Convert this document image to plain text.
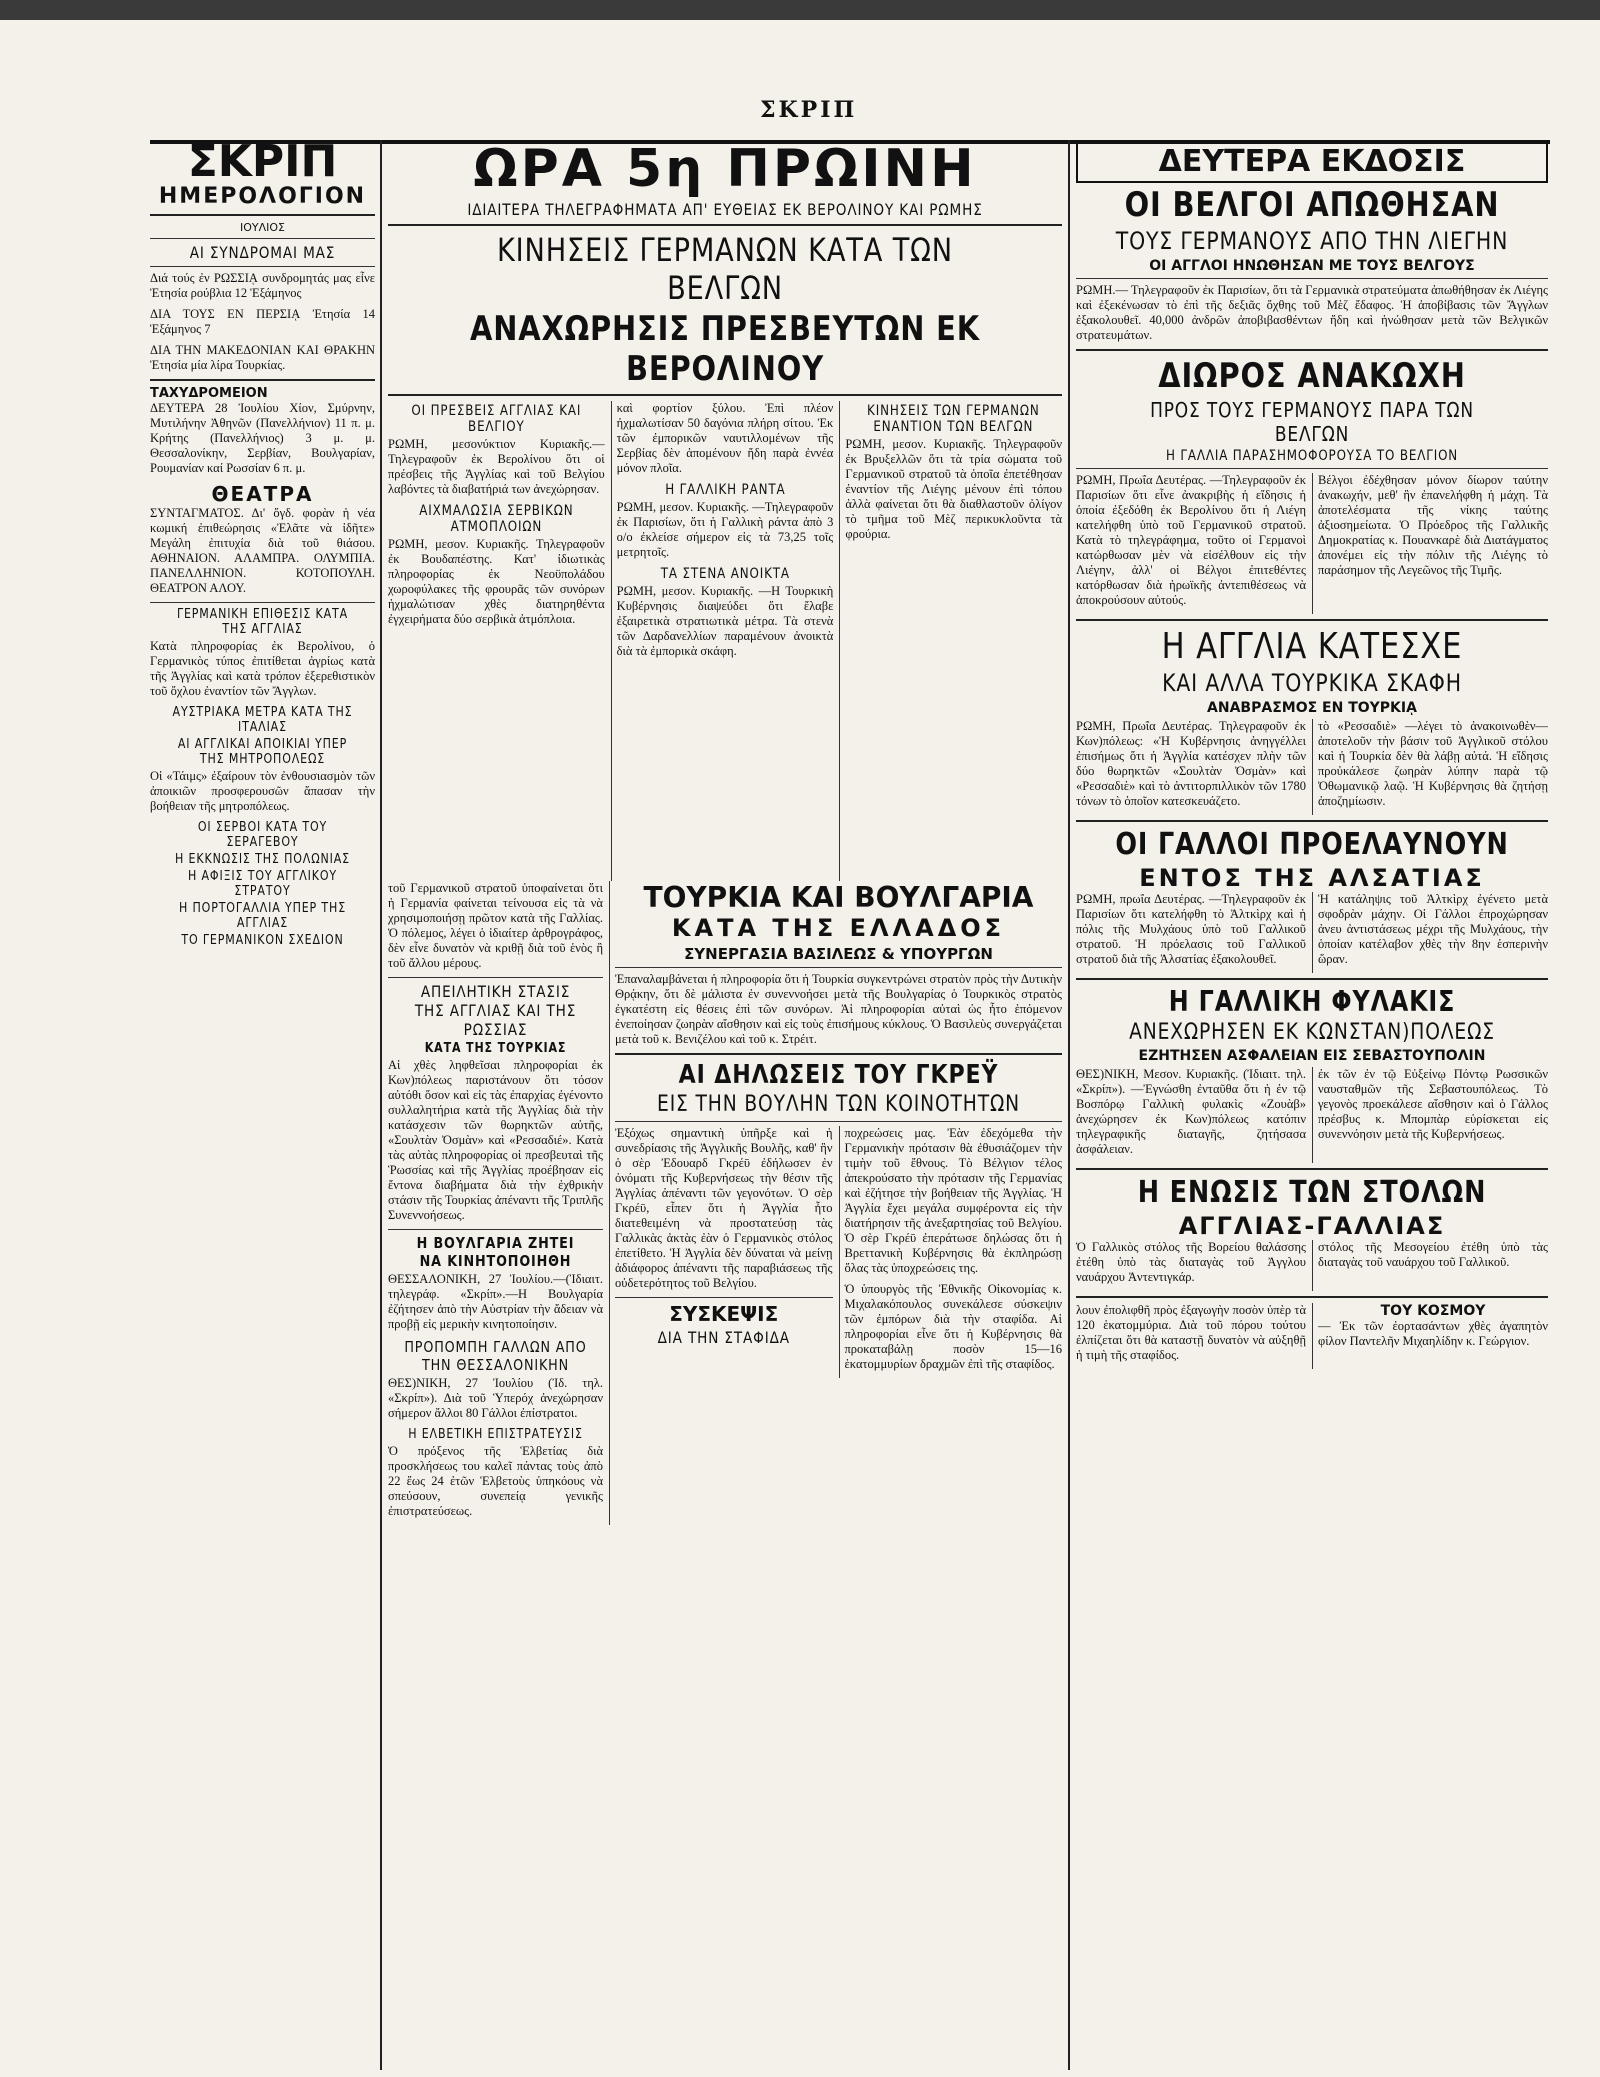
ΣΚΡΙΠ
ΣΚΡΙΠ
ΗΜΕΡΟΛΟΓΙΟΝ
ΙΟΥΛΙΟΣ
ΑΙ ΣΥΝΔΡΟΜΑΙ ΜΑΣ

Διά τούς ἐν ΡΩΣΣΙᾼ συνδρομητάς μας εἶνε Ἐτησία ρούβλια 12 Ἑξάμηνος

ΔΙΑ ΤΟΥΣ ΕΝ ΠΕΡΣΙᾼ Ἐτησία 14 Ἑξάμηνος 7

ΔΙΑ ΤΗΝ ΜΑΚΕΔΟΝΙΑΝ ΚΑΙ ΘΡΑΚΗΝ Ἐτησία μία λίρα Τουρκίας.

ΤΑΧΥΔΡΟΜΕΙΟΝ

ΔΕΥΤΕΡΑ 28 Ἰουλίου Χίον, Σμύρνην, Μυτιλήνην Ἀθηνῶν (Πανελλήνιον) 11 π. μ. Κρήτης (Πανελλήνιος) 3 μ. μ. Θεσσαλονίκην, Σερβίαν, Βουλγαρίαν, Ρουμανίαν καί Ρωσσίαν 6 π. μ.

ΘΕΑΤΡΑ

ΣΥΝΤΑΓΜΑΤΟΣ. Δι' ὄγδ. φορὰν ἡ νέα κωμική ἐπιθεώρησις «Ἐλᾶτε νὰ ἰδῆτε» Μεγάλη ἐπιτυχία διὰ τοῦ θιάσου. ΑΘΗΝΑΙΟΝ. ΑΛΑΜΠΡΑ. ΟΛΥΜΠΙΑ. ΠΑΝΕΛΛΗΝΙΟΝ. ΚΟΤΟΠΟΥΛΗ. ΘΕΑΤΡΟΝ ΑΛΟΥ.

ΓΕΡΜΑΝΙΚΗ ΕΠΙΘΕΣΙΣ ΚΑΤΑ ΤΗΣ ΑΓΓΛΙΑΣ

Κατὰ πληροφορίας ἐκ Βερολίνου, ὁ Γερμανικὸς τύπος ἐπιτίθεται ἀγρίως κατὰ τῆς Ἀγγλίας καὶ κατὰ τρόπον ἐξερεθιστικὸν τοῦ ὄχλου ἐναντίον τῶν Ἄγγλων.

ΑΥΣΤΡΙΑΚΑ ΜΕΤΡΑ ΚΑΤΑ ΤΗΣ ΙΤΑΛΙΑΣ
ΑΙ ΑΓΓΛΙΚΑΙ ΑΠΟΙΚΙΑΙ ΥΠΕΡ ΤΗΣ ΜΗΤΡΟΠΟΛΕΩΣ

Οἱ «Τάιμς» ἐξαίρουν τὸν ἐνθουσιασμὸν τῶν ἀποικιῶν προσφερουσῶν ἅπασαν τὴν βοήθειαν τῆς μητροπόλεως.

ΟΙ ΣΕΡΒΟΙ ΚΑΤΑ ΤΟΥ ΣΕΡΑΓΕΒΟΥ
Η ΕΚΚΝΩΣΙΣ ΤΗΣ ΠΟΛΩΝΙΑΣ
Η ΑΦΙΞΙΣ ΤΟΥ ΑΓΓΛΙΚΟΥ ΣΤΡΑΤΟΥ
Η ΠΟΡΤΟΓΑΛΛΙΑ ΥΠΕΡ ΤΗΣ ΑΓΓΛΙΑΣ
ΤΟ ΓΕΡΜΑΝΙΚΟΝ ΣΧΕΔΙΟΝ
ΩΡΑ 5η ΠΡΩΙΝΗ
ΙΔΙΑΙΤΕΡΑ ΤΗΛΕΓΡΑΦΗΜΑΤΑ ΑΠ' ΕΥΘΕΙΑΣ ΕΚ ΒΕΡΟΛΙΝΟΥ ΚΑΙ ΡΩΜΗΣ
ΚΙΝΗΣΕΙΣ ΓΕΡΜΑΝΩΝ ΚΑΤΑ ΤΩΝ ΒΕΛΓΩΝ
ΑΝΑΧΩΡΗΣΙΣ ΠΡΕΣΒΕΥΤΩΝ ΕΚ ΒΕΡΟΛΙΝΟΥ
ΟΙ ΠΡΕΣΒΕΙΣ ΑΓΓΛΙΑΣ ΚΑΙ ΒΕΛΓΙΟΥ

ΡΩΜΗ, μεσονύκτιον Κυριακῆς.— Τηλεγραφοῦν ἐκ Βερολίνου ὅτι οἱ πρέσβεις τῆς Ἀγγλίας καὶ τοῦ Βελγίου λαβόντες τὰ διαβατήριά των ἀνεχώρησαν.

ΑΙΧΜΑΛΩΣΙΑ ΣΕΡΒΙΚΩΝ ΑΤΜΟΠΛΟΙΩΝ

ΡΩΜΗ, μεσον. Κυριακῆς. Τηλεγραφοῦν ἐκ Βουδαπέστης. Κατ' ἰδιωτικὰς πληροφορίας ἐκ Νεοϋπολάδου χωροφύλακες τῆς φρουρᾶς τῶν συνόρων ἠχμαλώτισαν χθὲς διατηρηθέντα ἐγχειρήματα δύο σερβικὰ ἀτμόπλοια.

καὶ φορτίον ξύλου. Ἐπὶ πλέον ἠχμαλωτίσαν 50 δαγόνια πλήρη σίτου. Ἐκ τῶν ἐμπορικῶν ναυτιλλομένων τῆς Σερβίας δὲν ἀπομένουν ἤδη παρὰ ἐννέα μόνον πλοῖα.

Η ΓΑΛΛΙΚΗ ΡΑΝΤΑ

ΡΩΜΗ, μεσον. Κυριακῆς. —Τηλεγραφοῦν ἐκ Παρισίων, ὅτι ἡ Γαλλικὴ ράντα ἀπὸ 3 ο/ο ἐκλείσε σήμερον εἰς τὰ 73,25 τοῖς μετρητοῖς.

ΤΑ ΣΤΕΝΑ ΑΝΟΙΚΤΑ

ΡΩΜΗ, μεσον. Κυριακῆς. —Η Τουρκικὴ Κυβέρνησις διαψεύδει ὅτι ἔλαβε ἐξαιρετικὰ στρατιωτικὰ μέτρα. Τὰ στενὰ τῶν Δαρδανελλίων παραμένουν ἀνοικτὰ διὰ τὰ ἐμπορικὰ σκάφη.

ΚΙΝΗΣΕΙΣ ΤΩΝ ΓΕΡΜΑΝΩΝ ΕΝΑΝΤΙΟΝ ΤΩΝ ΒΕΛΓΩΝ

ΡΩΜΗ, μεσον. Κυριακῆς. Τηλεγραφοῦν ἐκ Βρυξελλῶν ὅτι τὰ τρία σώματα τοῦ Γερμανικοῦ στρατοῦ τὰ ὁποῖα ἐπετέθησαν ἐναντίον τῆς Λιέγης μένουν ἐπὶ τόπου ἀλλὰ φαίνεται ὅτι θὰ διαθλαστοῦν ὀλίγον τὸ τμῆμα τοῦ Μὲζ περικυκλοῦντα τὰ φρούρια.

τοῦ Γερμανικοῦ στρατοῦ ὑποφαίνεται ὅτι ἡ Γερμανία φαίνεται τείνουσα εἰς τὰ νὰ χρησιμοποιήσῃ πρῶτον κατὰ τῆς Γαλλίας. Ὁ πόλεμος, λέγει ὁ ἰδιαίτερ ἀρθρογράφος, δὲν εἶνε δυνατὸν νὰ κριθῇ διὰ τοῦ ἑνὸς ἢ τοῦ ἄλλου μέρους.

ΑΠΕΙΛΗΤΙΚΗ ΣΤΑΣΙΣ ΤΗΣ ΑΓΓΛΙΑΣ ΚΑΙ ΤΗΣ ΡΩΣΣΙΑΣ
ΚΑΤΑ ΤΗΣ ΤΟΥΡΚΙΑΣ

Αἱ χθὲς ληφθεῖσαι πληροφορίαι ἐκ Κων)πόλεως παριστάνουν ὅτι τόσον αὐτόθι ὅσον καὶ εἰς τὰς ἐπαρχίας ἐγένοντο συλλαλητήρια κατὰ τῆς Ἀγγλίας διὰ τὴν κατάσχεσιν τῶν θωρηκτῶν αὐτῆς, «Σουλτὰν Ὀσμὰν» καὶ «Ρεσσαδιέ». Κατὰ τὰς αὐτὰς πληροφορίας οἱ πρεσβευταὶ τῆς Ῥωσσίας καὶ τῆς Ἀγγλίας προέβησαν εἰς ἔντονα διαβήματα διὰ τὴν ἐχθρικὴν στάσιν τῆς Τουρκίας ἀπέναντι τῆς Τριπλῆς Συνεννοήσεως.

Η ΒΟΥΛΓΑΡΙΑ ΖΗΤΕΙ ΝΑ ΚΙΝΗΤΟΠΟΙΗΘΗ

ΘΕΣΣΑΛΟΝΙΚΗ, 27 Ἰουλίου.—(Ἰδιαιτ. τηλεγράφ. «Σκρίπ».—Η Βουλγαρία ἐζήτησεν ἀπὸ τὴν Αὐστρίαν τὴν ἄδειαν νὰ προβῇ εἰς μερικὴν κινητοποίησιν.

ΠΡΟΠΟΜΠΗ ΓΑΛΛΩΝ ΑΠΟ ΤΗΝ ΘΕΣΣΑΛΟΝΙΚΗΝ

ΘΕΣ)ΝΙΚΗ, 27 Ἰουλίου (Ἰδ. τηλ. «Σκρίπ»). Διὰ τοῦ Ὑπερόχ ἀνεχώρησαν σήμερον ἄλλοι 80 Γάλλοι ἐπίστρατοι.

Η ΕΛΒΕΤΙΚΗ ΕΠΙΣΤΡΑΤΕΥΣΙΣ

Ὁ πρόξενος τῆς Ἑλβετίας διὰ προσκλήσεως του καλεῖ πάντας τοὺς ἀπὸ 22 ἕως 24 ἐτῶν Ἑλβετοὺς ὑπηκόους νὰ σπεύσουν, συνεπείᾳ γενικῆς ἐπιστρατεύσεως.

ΤΟΥΡΚΙΑ ΚΑΙ ΒΟΥΛΓΑΡΙΑ
ΚΑΤΑ ΤΗΣ ΕΛΛΑΔΟΣ
ΣΥΝΕΡΓΑΣΙΑ ΒΑΣΙΛΕΩΣ & ΥΠΟΥΡΓΩΝ

Ἐπαναλαμβάνεται ἡ πληροφορία ὅτι ἡ Τουρκία συγκεντρώνει στρατὸν πρὸς τὴν Δυτικὴν Θρᾴκην, ὅτι δὲ μάλιστα ἐν συνεννοήσει μετὰ τῆς Βουλγαρίας ὁ Τουρκικὸς στρατὸς ἐγκατέστη εἰς θέσεις ἐπὶ τῶν συνόρων. Ἀἱ πληροφορίαι αὐταὶ ὡς ἦτο ἑπόμενον ἐνεποίησαν ζωηρὰν αἴσθησιν καὶ εἰς τοὺς ἐπισήμους κύκλους. Ὁ Βασιλεὺς συνεργάζεται μετὰ τοῦ κ. Βενιζέλου καὶ τοῦ κ. Στρέιτ.

ΑΙ ΔΗΛΩΣΕΙΣ ΤΟΥ ΓΚΡΕΫ
ΕΙΣ ΤΗΝ ΒΟΥΛΗΝ ΤΩΝ ΚΟΙΝΟΤΗΤΩΝ

Ἐξόχως σημαντικὴ ὑπῆρξε καὶ ἡ συνεδρίασις τῆς Ἀγγλικῆς Βουλῆς, καθ' ἣν ὁ σὲρ Ἐδουαρδ Γκρέῡ ἐδήλωσεν ἐν ὀνόματι τῆς Κυβερνήσεως τὴν θέσιν τῆς Ἀγγλίας ἀπέναντι τῶν γεγονότων. Ὁ σὲρ Γκρέῡ, εἶπεν ὅτι ἡ Ἀγγλία ἦτο διατεθειμένη νὰ προστατεύσῃ τὰς Γαλλικὰς ἀκτὰς ἐὰν ὁ Γερμανικὸς στόλος ἐπετίθετο. Ἡ Ἀγγλία δὲν δύναται νὰ μείνῃ ἀδιάφορος ἀπέναντι τῆς παραβιάσεως τῆς οὐδετερότητος τοῦ Βελγίου.

ΣΥΣΚΕΨΙΣ
ΔΙΑ ΤΗΝ ΣΤΑΦΙΔΑ

ποχρεώσεις μας. Ἐὰν ἐδεχόμεθα τὴν Γερμανικὴν πρότασιν θὰ ἐθυσιάζομεν τὴν τιμὴν τοῦ ἔθνους. Τὸ Βέλγιον τέλος ἀπεκρούσατο τὴν πρότασιν τῆς Γερμανίας καὶ ἐζήτησε τὴν βοήθειαν τῆς Ἀγγλίας. Ἡ Ἀγγλία ἔχει μεγάλα συμφέροντα εἰς τὴν διατήρησιν τῆς ἀνεξαρτησίας τοῦ Βελγίου. Ὁ σὲρ Γκρέῡ ἐπεράτωσε δηλώσας ὅτι ἡ Βρεττανικὴ Κυβέρνησις θὰ ἐκπληρώσῃ ὅλας τὰς ὑποχρεώσεις της.

Ὁ ὑπουργὸς τῆς Ἐθνικῆς Οἰκονομίας κ. Μιχαλακόπουλος συνεκάλεσε σύσκεψιν τῶν ἐμπόρων διὰ τὴν σταφίδα. Αἱ πληροφορίαι εἶνε ὅτι ἡ Κυβέρνησις θὰ προκαταβάλῃ ποσὸν 15—16 ἑκατομμυρίων δραχμῶν ἐπὶ τῆς σταφίδος.

ΔΕΥΤΕΡΑ ΕΚΔΟΣΙΣ
ΟΙ ΒΕΛΓΟΙ ΑΠΩΘΗΣΑΝ
ΤΟΥΣ ΓΕΡΜΑΝΟΥΣ ΑΠΟ ΤΗΝ ΛΙΕΓΗΝ
ΟΙ ΑΓΓΛΟΙ ΗΝΩΘΗΣΑΝ ΜΕ ΤΟΥΣ ΒΕΛΓΟΥΣ

ΡΩΜΗ.— Τηλεγραφοῦν ἐκ Παρισίων, ὅτι τὰ Γερμανικὰ στρατεύματα ἀπωθήθησαν ἐκ Λιέγης καὶ ἐξεκένωσαν τὸ ἐπὶ τῆς δεξιᾶς ὄχθης τοῦ Μὲζ ἔδαφος. Ἡ ἀποβίβασις τῶν Ἄγγλων ἐξακολουθεῖ. 40,000 ἀνδρῶν ἀποβιβασθέντων ἤδη καὶ ἡνώθησαν μετὰ τῶν Βελγικῶν στρατευμάτων.

ΔΙΩΡΟΣ ΑΝΑΚΩΧΗ
ΠΡΟΣ ΤΟΥΣ ΓΕΡΜΑΝΟΥΣ ΠΑΡΑ ΤΩΝ ΒΕΛΓΩΝ
Η ΓΑΛΛΙΑ ΠΑΡΑΣΗΜΟΦΟΡΟΥΣΑ ΤΟ ΒΕΛΓΙΟΝ

ΡΩΜΗ, Πρωΐα Δευτέρας. —Τηλεγραφοῦν ἐκ Παρισίων ὅτι εἶνε ἀνακριβὴς ἡ εἴδησις ἡ ὁποία ἐξεδόθη ἐκ Βερολίνου ὅτι ἡ Λιέγη κατελήφθη ὑπὸ τοῦ Γερμανικοῦ στρατοῦ. Κατὰ τὸ τηλεγράφημα, τοῦτο οἱ Γερμανοὶ κατώρθωσαν μὲν νὰ εἰσέλθουν εἰς τὴν Λιέγην, ἀλλ' οἱ Βέλγοι ἐπιτεθέντες κατόρθωσαν διὰ ἡρωϊκῆς ἀντεπιθέσεως νὰ ἀποκρούσουν αὐτούς.

Βέλγοι ἐδέχθησαν μόνον δίωρον ταύτην ἀνακωχήν, μεθ' ἣν ἐπανελήφθη ἡ μάχη. Τὰ ἀποτελέσματα τῆς νίκης ταύτης ἀξιοσημείωτα. Ὁ Πρόεδρος τῆς Γαλλικῆς Δημοκρατίας κ. Πουανκαρὲ διὰ Διατάγματος ἀπονέμει εἰς τὴν πόλιν τῆς Λιέγης τὸ παράσημον τῆς Λεγεῶνος τῆς Τιμῆς.

Η ΑΓΓΛΙΑ ΚΑΤΕΣΧΕ
ΚΑΙ ΑΛΛΑ ΤΟΥΡΚΙΚΑ ΣΚΑΦΗ
ΑΝΑΒΡΑΣΜΟΣ ΕΝ ΤΟΥΡΚΙᾼ

ΡΩΜΗ, Πρωΐα Δευτέρας. Τηλεγραφοῦν ἐκ Κων)πόλεως: «Ἡ Κυβέρνησις ἀνηγγέλλει ἐπισήμως ὅτι ἡ Ἀγγλία κατέσχεν πλὴν τῶν δύο θωρηκτῶν «Σουλτὰν Ὀσμὰν» καὶ «Ρεσσαδιὲ» καὶ τὸ ἀντιτορπιλλικὸν τῶν 1780 τόνων τὸ ὁποῖον κατεσκευάζετο.

τὸ «Ρεσσαδιὲ» —λέγει τὸ ἀνακοινωθὲν— ἀποτελοῦν τὴν βάσιν τοῦ Ἀγγλικοῦ στόλου καὶ ἡ Τουρκία δὲν θὰ λάβῃ αὐτά. Ἡ εἴδησις προὐκάλεσε ζωηρὰν λύπην παρὰ τῷ Ὀθωμανικῷ λαῷ. Ἡ Κυβέρνησις θὰ ζητήσῃ ἀποζημίωσιν.

ΟΙ ΓΑΛΛΟΙ ΠΡΟΕΛΑΥΝΟΥΝ
ΕΝΤΟΣ ΤΗΣ ΑΛΣΑΤΙΑΣ

ΡΩΜΗ, πρωΐα Δευτέρας. —Τηλεγραφοῦν ἐκ Παρισίων ὅτι κατελήφθη τὸ Ἀλτκὶρχ καὶ ἡ πόλις τῆς Μυλχάους ὑπὸ τοῦ Γαλλικοῦ στρατοῦ. Ἡ πρόελασις τοῦ Γαλλικοῦ στρατοῦ διὰ τῆς Ἀλσατίας ἐξακολουθεῖ.

Ἡ κατάληψις τοῦ Ἀλτκὶρχ ἐγένετο μετὰ σφοδρὰν μάχην. Οἱ Γάλλοι ἐπροχώρησαν ἀνευ ἀντιστάσεως μέχρι τῆς Μυλχάους, τὴν ὁποίαν κατέλαβον χθὲς τὴν 8ην ἑσπερινὴν ὥραν.

Η ΓΑΛΛΙΚΗ ΦΥΛΑΚΙΣ
ΑΝΕΧΩΡΗΣΕΝ ΕΚ ΚΩΝΣΤΑΝ)ΠΟΛΕΩΣ
ΕΖΗΤΗΣΕΝ ΑΣΦΑΛΕΙΑΝ ΕΙΣ ΣΕΒΑΣΤΟΥΠΟΛΙΝ

ΘΕΣ)ΝΙΚΗ, Μεσον. Κυριακῆς. (Ἰδιαιτ. τηλ. «Σκρίπ»). —Ἐγνώσθη ἐνταῦθα ὅτι ἡ ἐν τῷ Βοσπόρῳ Γαλλικὴ φυλακὶς «Ζουὰβ» ἀνεχώρησεν ἐκ Κων)πόλεως κατόπιν τηλεγραφικῆς διαταγῆς, ζητήσασα ἀσφάλειαν.

ἐκ τῶν ἐν τῷ Εὐξείνῳ Πόντῳ Ρωσσικῶν ναυσταθμῶν τῆς Σεβαστουπόλεως. Τὸ γεγονὸς προεκάλεσε αἴσθησιν καὶ ὁ Γάλλος πρέσβυς κ. Μπομπὰρ εὑρίσκεται εἰς συνεννόησιν μετὰ τῆς Κυβερνήσεως.

Η ΕΝΩΣΙΣ ΤΩΝ ΣΤΟΛΩΝ
ΑΓΓΛΙΑΣ-ΓΑΛΛΙΑΣ

Ὁ Γαλλικὸς στόλος τῆς Βορείου θαλάσσης ἐτέθη ὑπὸ τὰς διαταγὰς τοῦ Ἀγγλου ναυάρχου Ἀντεντιγκάρ.

στόλος τῆς Μεσογείου ἐτέθη ὑπὸ τὰς διαταγὰς τοῦ ναυάρχου τοῦ Γαλλικοῦ.

λουν ἐπολιφθῆ πρὸς ἐξαγωγὴν ποσὸν ὑπὲρ τὰ 120 ἑκατομμύρια. Διὰ τοῦ πόρου τούτου ἐλπίζεται ὅτι θὰ καταστῇ δυνατὸν νὰ αὐξηθῇ ἡ τιμὴ τῆς σταφίδος.

ΤΟΥ ΚΟΣΜΟΥ

— Ἐκ τῶν ἐορτασάντων χθὲς ἀγαπητὸν φίλον Παντελῆν Μιχαηλίδην κ. Γεώργιον.
